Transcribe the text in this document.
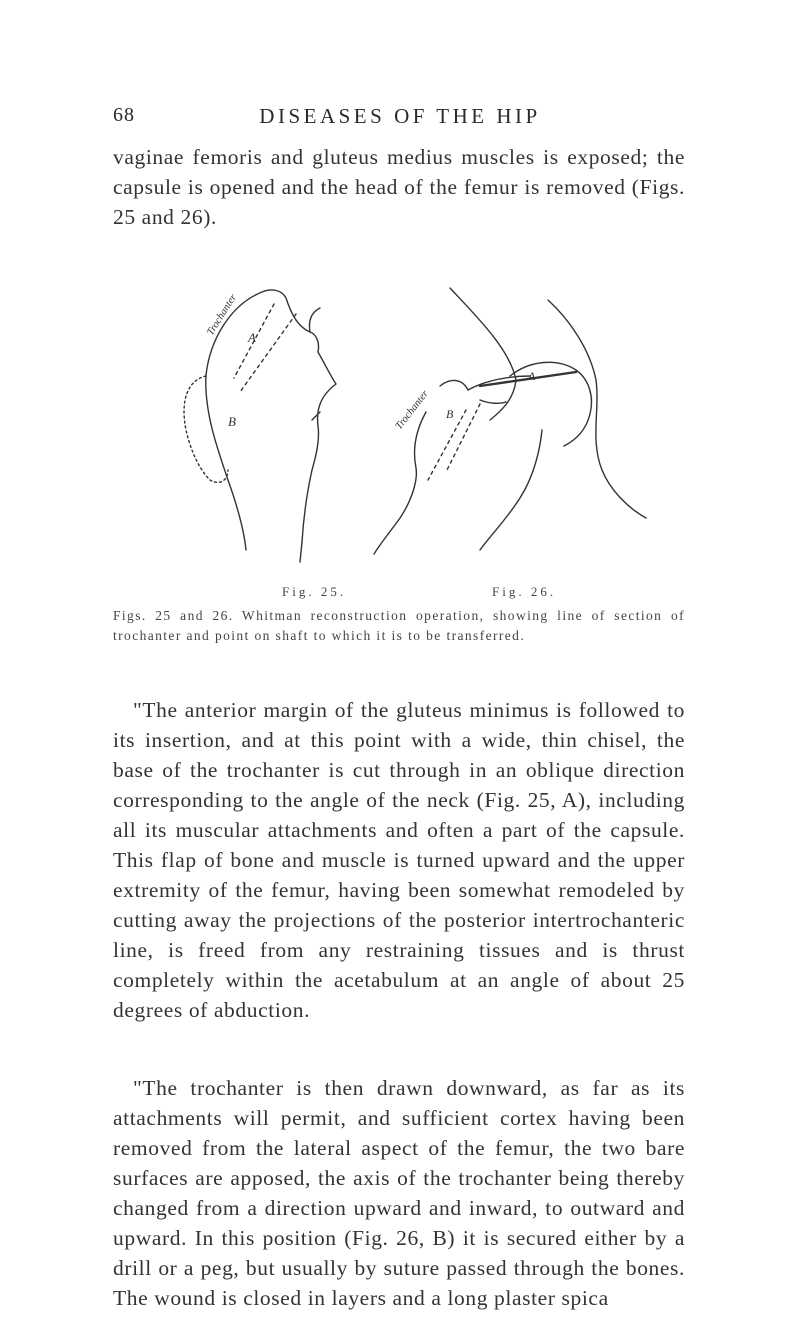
68	DISEASES OF THE HIP

vaginae femoris and gluteus medius muscles is exposed; the capsule is opened and the head of the femur is removed (Figs. 25 and 26).

Trochanter A
B	Trochanter
A
B
Fig. 25.	Fig. 26.

Figs. 25 and 26. Whitman reconstruction operation, showing line of section of trochanter and point on shaft to which it is to be transferred.

"The anterior margin of the gluteus minimus is followed to its insertion, and at this point with a wide, thin chisel, the base of the trochanter is cut through in an oblique direction corresponding to the angle of the neck (Fig. 25, A), including all its muscular attachments and often a part of the capsule. This flap of bone and muscle is turned upward and the upper extremity of the femur, having been somewhat remodeled by cutting away the projections of the posterior intertrochanteric line, is freed from any restraining tissues and is thrust completely within the acetabulum at an angle of about 25 degrees of abduction.

"The trochanter is then drawn downward, as far as its attachments will permit, and sufficient cortex having been removed from the lateral aspect of the femur, the two bare surfaces are apposed, the axis of the trochanter being thereby changed from a direction upward and inward, to outward and upward. In this position (Fig. 26, B) it is secured either by a drill or a peg, but usually by suture passed through the bones. The wound is closed in layers and a long plaster spica
